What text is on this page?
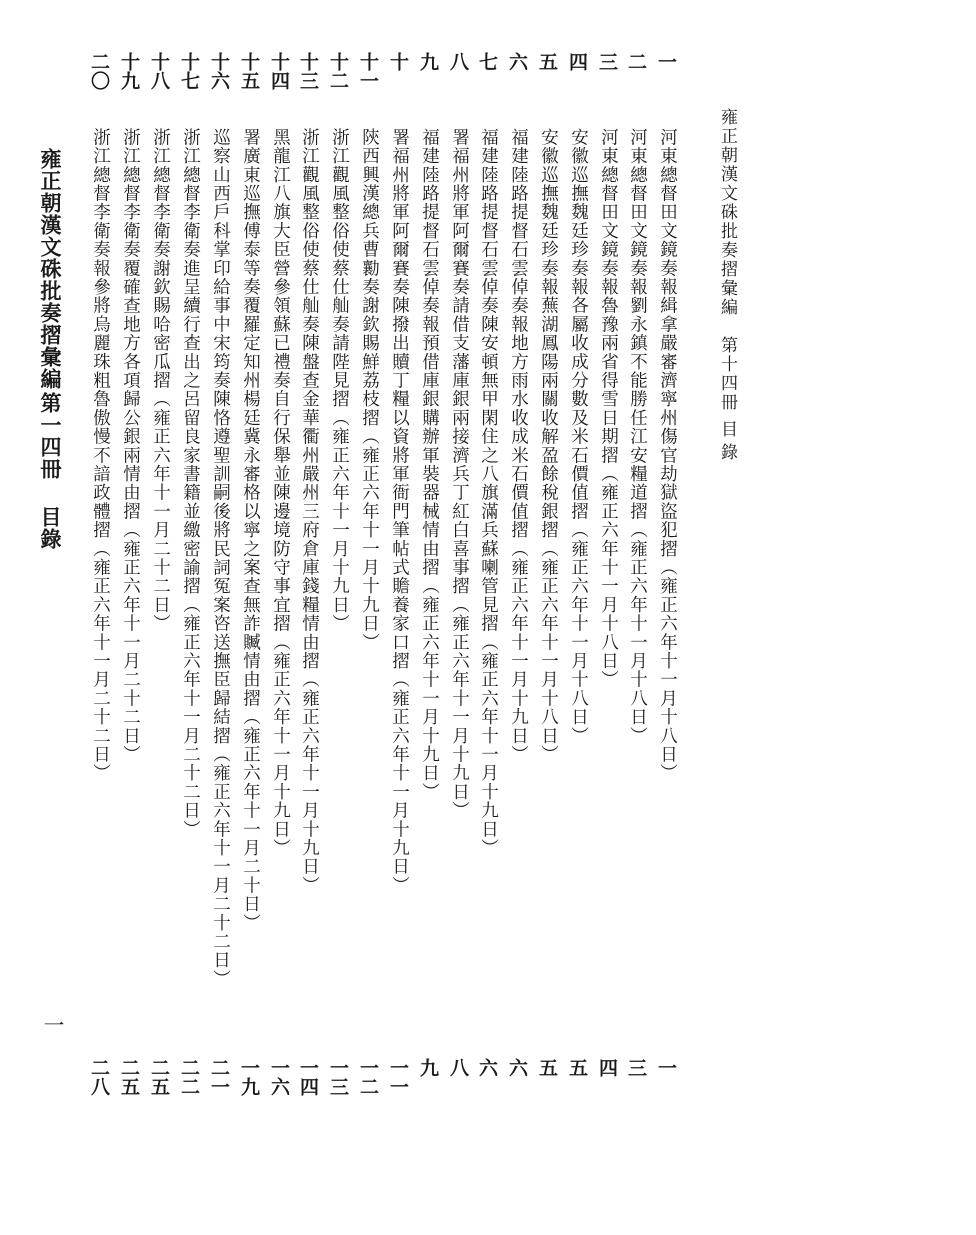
雍正朝漢文硃批奏摺彙編　第十四冊
目錄
一
二
三
四
五
六
七
八
九
十
十一
十二
十三
十四
十五
十六
十七
十八
十九
二〇
河東總督田文鏡奏報緝拿嚴審濟寧州傷官劫獄盜犯摺（雍正六年十一月十八日）
河東總督田文鏡奏報劉永鎮不能勝任江安糧道摺（雍正六年十一月十八日）
河東總督田文鏡奏報魯豫兩省得雪日期摺（雍正六年十一月十八日）
安徽巡撫魏廷珍奏報各屬收成分數及米石價值摺（雍正六年十一月十八日）
安徽巡撫魏廷珍奏報蕪湖鳳陽兩關收解盈餘稅銀摺（雍正六年十一月十八日）
福建陸路提督石雲倬奏報地方雨水收成米石價值摺（雍正六年十一月十九日）
福建陸路提督石雲倬奏陳安頓無甲閑住之八旗滿兵蘇喇管見摺（雍正六年十一月十九日）
署福州將軍阿爾賽奏請借支藩庫銀兩接濟兵丁紅白喜事摺（雍正六年十一月十九日）
福建陸路提督石雲倬奏報預借庫銀購辦軍裝器械情由摺（雍正六年十一月十九日）
署福州將軍阿爾賽奏陳撥出贖丁糧以資將軍衙門筆帖式贍養家口摺（雍正六年十一月十九日）
陝西興漢總兵曹勷奏謝欽賜鮮荔枝摺（雍正六年十一月十九日）
浙江觀風整俗使蔡仕舢奏請陛見摺（雍正六年十一月十九日）
浙江觀風整俗使蔡仕舢奏陳盤查金華衢州嚴州三府倉庫錢糧情由摺（雍正六年十一月十九日）
黑龍江八旗大臣營參領蘇已禮奏自行保舉並陳邊境防守事宜摺（雍正六年十一月十九日）
署廣東巡撫傅泰等奏覆羅定知州楊廷冀永審格以寧之案查無詐贓情由摺（雍正六年十一月二十日）
巡察山西戶科掌印給事中宋筠奏陳恪遵聖訓嗣後將民詞冤案咨送撫臣歸結摺（雍正六年十一月二十二日）
浙江總督李衛奏進呈續行查出之呂留良家書籍並繳密諭摺（雍正六年十一月二十二日）
浙江總督李衛奏謝欽賜哈密瓜摺（雍正六年十一月二十二日）
浙江總督李衛奏覆確查地方各項歸公銀兩情由摺（雍正六年十一月二十二日）
浙江總督李衛奏報參將烏麗珠粗魯傲慢不諳政體摺（雍正六年十一月二十二日）
一
三
四
五
五
六
六
八
九
一一
一二
一三
一四
一六
一九
二一
二二
二五
二五
二八
雍正朝漢文硃批奏摺彙編
第一四冊
目錄
一
